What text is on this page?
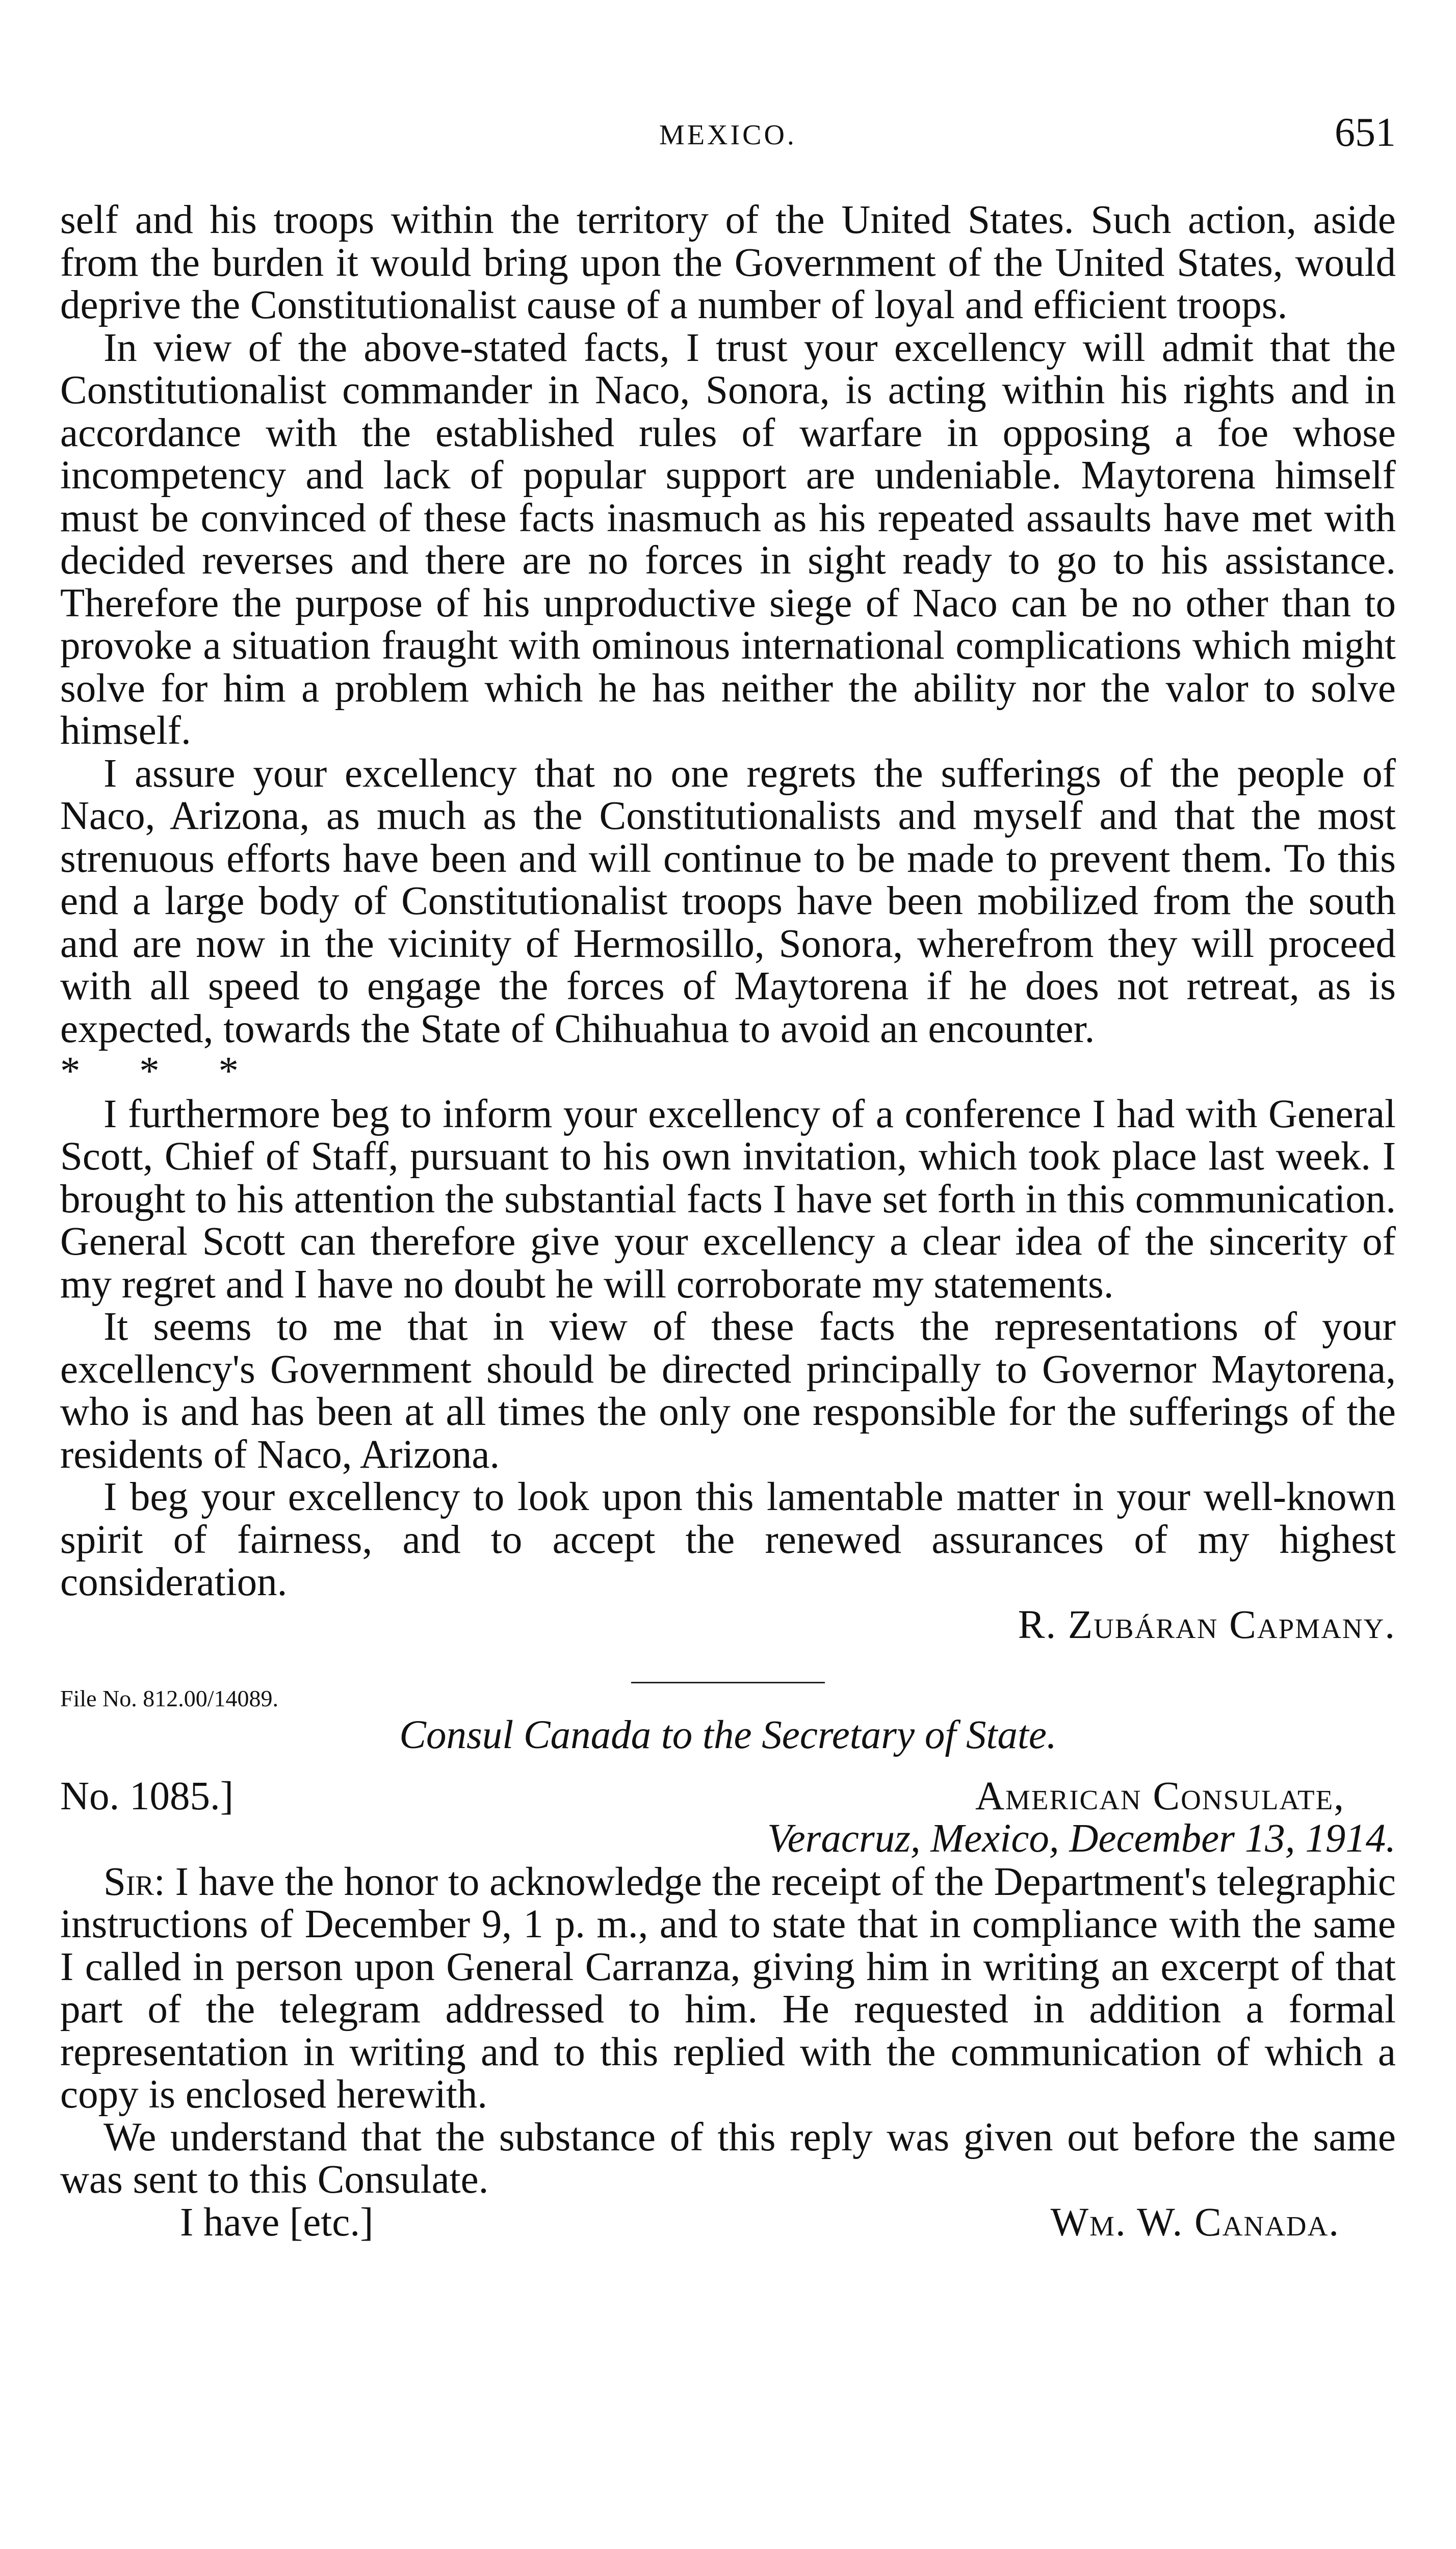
MEXICO.	651

self and his troops within the territory of the United States. Such action, aside from the burden it would bring upon the Government of the United States, would deprive the Constitutionalist cause of a number of loyal and efficient troops.

In view of the above-stated facts, I trust your excellency will admit that the Constitutionalist commander in Naco, Sonora, is acting within his rights and in accordance with the established rules of warfare in opposing a foe whose incompetency and lack of popular support are undeniable. Maytorena himself must be convinced of these facts inasmuch as his repeated assaults have met with decided reverses and there are no forces in sight ready to go to his assistance. Therefore the purpose of his unproductive siege of Naco can be no other than to provoke a situation fraught with ominous international complications which might solve for him a problem which he has neither the ability nor the valor to solve himself.

I assure your excellency that no one regrets the sufferings of the people of Naco, Arizona, as much as the Constitutionalists and myself and that the most strenuous efforts have been and will continue to be made to prevent them. To this end a large body of Constitutionalist troops have been mobilized from the south and are now in the vicinity of Hermosillo, Sonora, wherefrom they will proceed with all speed to engage the forces of Maytorena if he does not retreat, as is expected, towards the State of Chihuahua to avoid an encounter.

* * *

I furthermore beg to inform your excellency of a conference I had with General Scott, Chief of Staff, pursuant to his own invitation, which took place last week. I brought to his attention the substantial facts I have set forth in this communication. General Scott can therefore give your excellency a clear idea of the sincerity of my regret and I have no doubt he will corroborate my statements.

It seems to me that in view of these facts the representations of your excellency's Government should be directed principally to Governor Maytorena, who is and has been at all times the only one responsible for the sufferings of the residents of Naco, Arizona.

I beg your excellency to look upon this lamentable matter in your well-known spirit of fairness, and to accept the renewed assurances of my highest consideration.

R. Zubáran Capmany.

File No. 812.00/14089.

Consul Canada to the Secretary of State.

No. 1085.]	American Consulate,
Veracruz, Mexico, December 13, 1914.

Sir: I have the honor to acknowledge the receipt of the Department's telegraphic instructions of December 9, 1 p. m., and to state that in compliance with the same I called in person upon General Carranza, giving him in writing an excerpt of that part of the telegram addressed to him. He requested in addition a formal representation in writing and to this replied with the communication of which a copy is enclosed herewith.

We understand that the substance of this reply was given out before the same was sent to this Consulate.

I have [etc.]	Wm. W. Canada.
